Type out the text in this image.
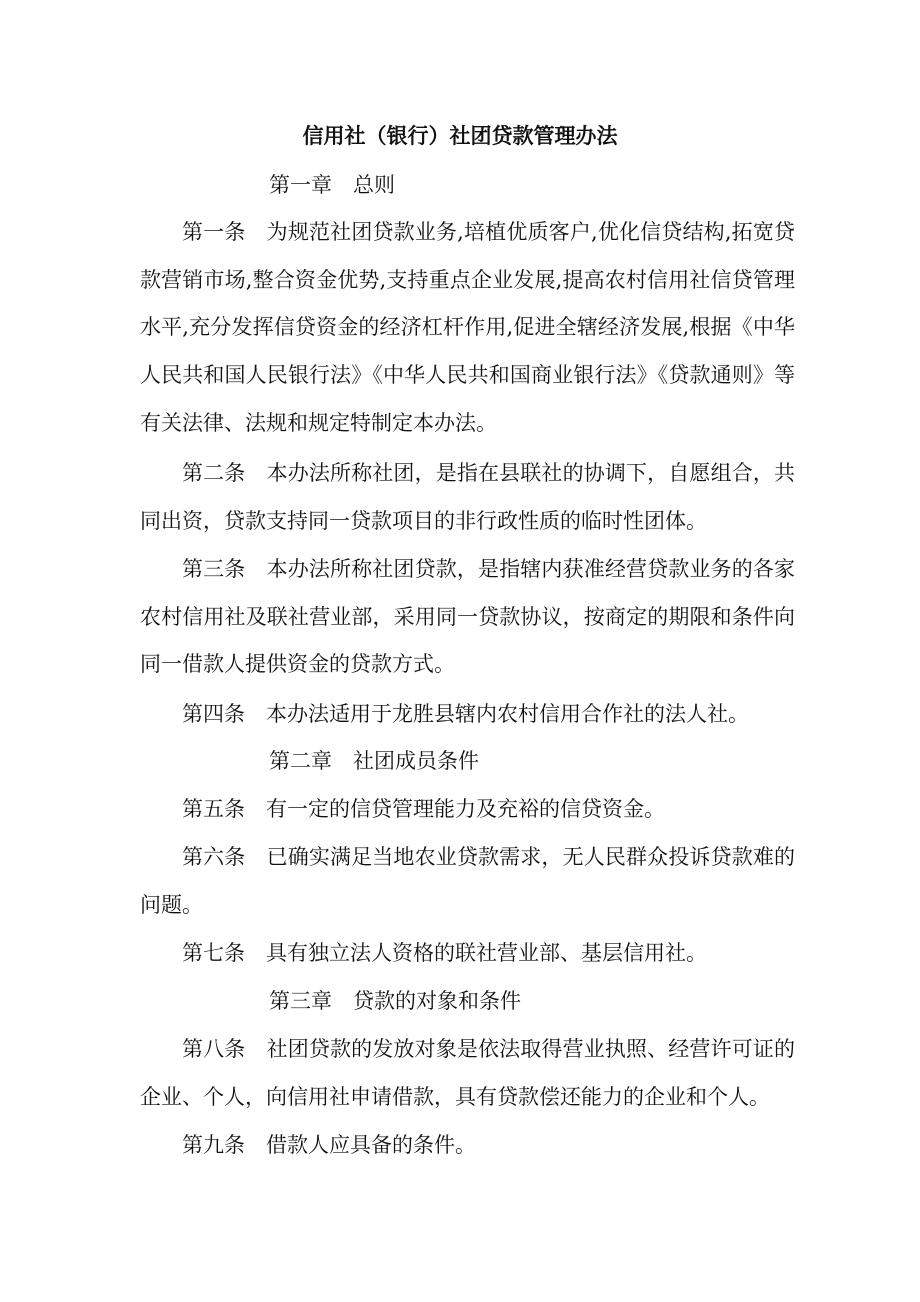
信用社（银行）社团贷款管理办法
第一章 总则
第一条 为规范社团贷款业务,培植优质客户,优化信贷结构,拓宽贷款营销市场,整合资金优势,支持重点企业发展,提高农村信用社信贷管理水平,充分发挥信贷资金的经济杠杆作用,促进全辖经济发展,根据《中华人民共和国人民银行法》《中华人民共和国商业银行法》《贷款通则》等有关法律、法规和规定特制定本办法。
第二条 本办法所称社团，是指在县联社的协调下，自愿组合，共同出资，贷款支持同一贷款项目的非行政性质的临时性团体。
第三条 本办法所称社团贷款，是指辖内获准经营贷款业务的各家农村信用社及联社营业部，采用同一贷款协议，按商定的期限和条件向同一借款人提供资金的贷款方式。
第四条 本办法适用于龙胜县辖内农村信用合作社的法人社。
第二章 社团成员条件
第五条 有一定的信贷管理能力及充裕的信贷资金。
第六条 已确实满足当地农业贷款需求，无人民群众投诉贷款难的问题。
第七条 具有独立法人资格的联社营业部、基层信用社。
第三章 贷款的对象和条件
第八条 社团贷款的发放对象是依法取得营业执照、经营许可证的企业、个人，向信用社申请借款，具有贷款偿还能力的企业和个人。
第九条 借款人应具备的条件。
